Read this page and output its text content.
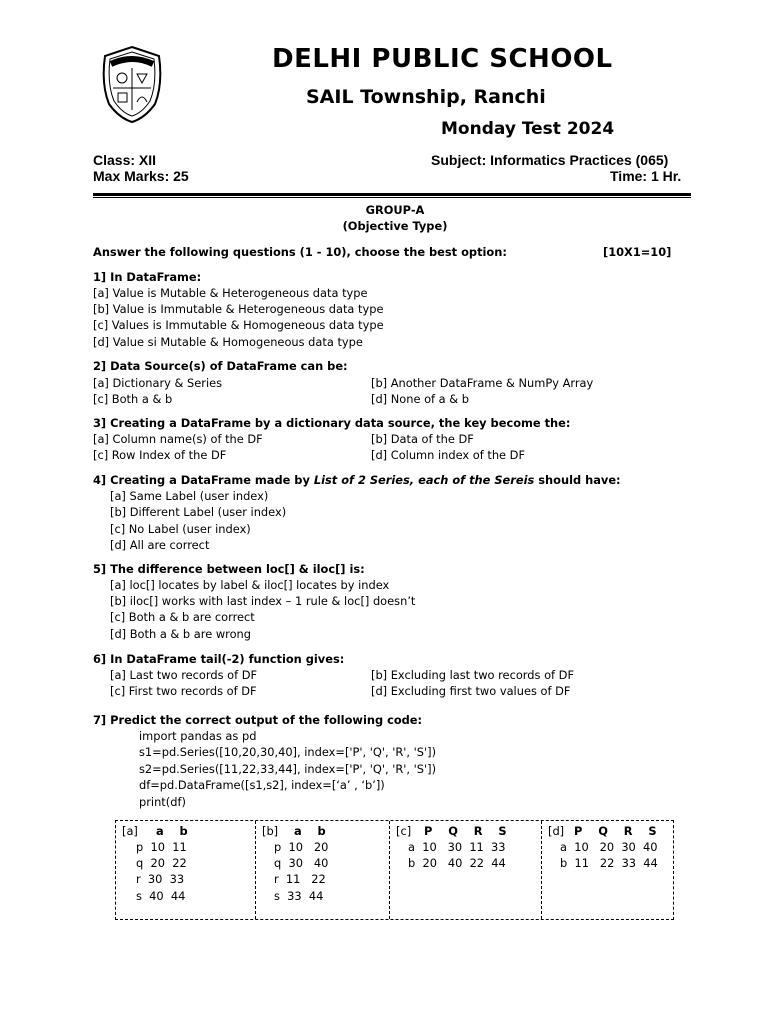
DELHI PUBLIC SCHOOL
SAIL Township, Ranchi
Monday Test 2024
Class: XII	Subject: Informatics Practices (065)
Max Marks: 25	Time: 1 Hr.
GROUP-A
(Objective Type)
Answer the following questions (1 - 10), choose the best option:	[10X1=10]
1] In DataFrame:
[a] Value is Mutable & Heterogeneous data type
[b] Value is Immutable & Heterogeneous data type
[c] Values is Immutable & Homogeneous data type
[d] Value si Mutable & Homogeneous data type
2] Data Source(s) of DataFrame can be:
[a] Dictionary & Series	[b] Another DataFrame & NumPy Array
[c] Both a & b	[d] None of a & b
3] Creating a DataFrame by a dictionary data source, the key become the:
[a] Column name(s) of the DF	[b] Data of the DF
[c] Row Index of the DF	[d] Column index of the DF
4] Creating a DataFrame made by List of 2 Series, each of the Sereis should have:
[a] Same Label (user index)
[b] Different Label (user index)
[c] No Label (user index)
[d] All are correct
5] The difference between loc[] & iloc[] is:
[a] loc[] locates by label & iloc[] locates by index
[b] iloc[] works with last index – 1 rule & loc[] doesn’t
[c] Both a & b are correct
[d] Both a & b are wrong
6] In DataFrame tail(-2) function gives:
[a] Last two records of DF	[b] Excluding last two records of DF
[c] First two records of DF	[d] Excluding first two values of DF
7] Predict the correct output of the following code:
import pandas as pd
s1=pd.Series([10,20,30,40], index=['P', 'Q', 'R', 'S'])
s2=pd.Series([11,22,33,44], index=['P', 'Q', 'R', 'S'])
df=pd.DataFrame([s1,s2], index=[‘a’ , ‘b’])
print(df)
[a] a    b
p  10  11
q  20  22
r  30  33
s  40  44
[b] a    b
p  10   20
q  30   40
r  11   22
s  33  44
[c] P    Q    R    S
a  10   30  11  33
b  20   40  22  44
[d] P    Q    R    S
a  10   20  30  40
b  11   22  33  44
